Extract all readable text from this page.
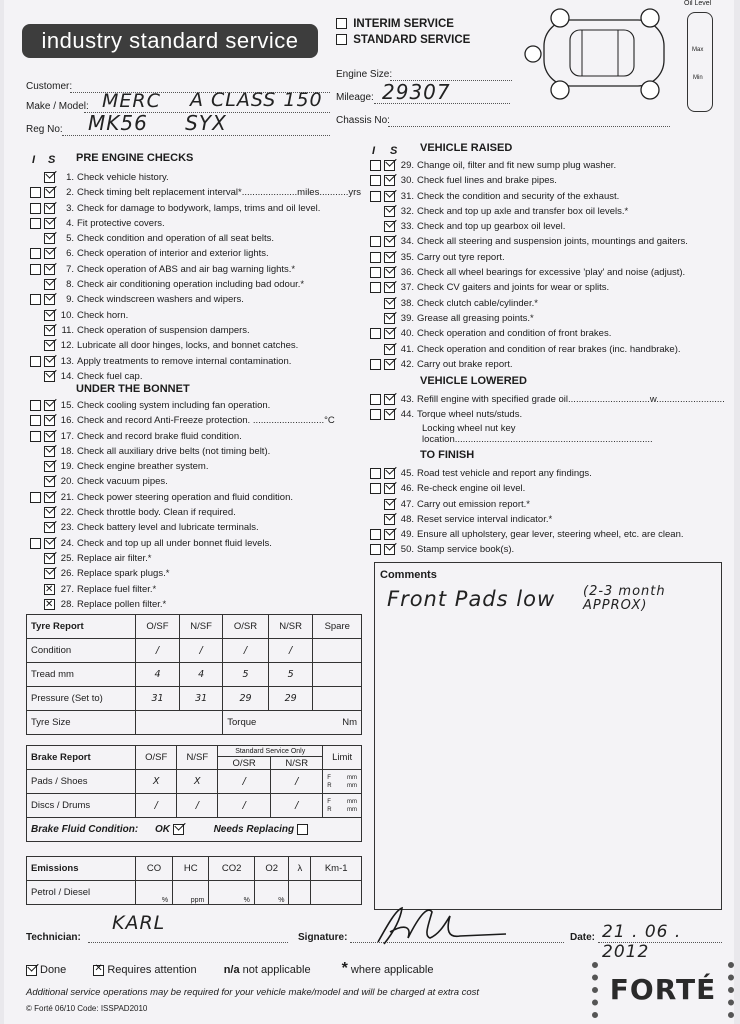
industry standard service
INTERIM SERVICE
STANDARD SERVICE
Oil Level
Max
Min
Customer:
Make / Model: MERC A CLASS 150
Reg No: MK56 SYX
Engine Size:
Mileage: 29307
Chassis No:
I S PRE ENGINE CHECKS
1. Check vehicle history.
2. Check timing belt replacement interval*.....................miles...........yrs
3. Check for damage to bodywork, lamps, trims and oil level.
4. Fit protective covers.
5. Check condition and operation of all seat belts.
6. Check operation of interior and exterior lights.
7. Check operation of ABS and air bag warning lights.*
8. Check air conditioning operation including bad odour.*
9. Check windscreen washers and wipers.
10. Check horn.
11. Check operation of suspension dampers.
12. Lubricate all door hinges, locks, and bonnet catches.
13. Apply treatments to remove internal contamination.
14. Check fuel cap.
UNDER THE BONNET
15. Check cooling system including fan operation.
16. Check and record Anti-Freeze protection. ...........................°C
17. Check and record brake fluid condition.
18. Check all auxiliary drive belts (not timing belt).
19. Check engine breather system.
20. Check vacuum pipes.
21. Check power steering operation and fluid condition.
22. Check throttle body. Clean if required.
23. Check battery level and lubricate terminals.
24. Check and top up all under bonnet fluid levels.
25. Replace air filter.*
26. Replace spark plugs.*
✕27. Replace fuel filter.*
✕28. Replace pollen filter.*
I S VEHICLE RAISED
29. Change oil, filter and fit new sump plug washer.
30. Check fuel lines and brake pipes.
31. Check the condition and security of the exhaust.
32. Check and top up axle and transfer box oil levels.*
33. Check and top up gearbox oil level.
34. Check all steering and suspension joints, mountings and gaiters.
35. Carry out tyre report.
36. Check all wheel bearings for excessive 'play' and noise (adjust).
37. Check CV gaiters and joints for wear or splits.
38. Check clutch cable/cylinder.*
39. Grease all greasing points.*
40. Check operation and condition of front brakes.
41. Check operation and condition of rear brakes (inc. handbrake).
42. Carry out brake report.
VEHICLE LOWERED
43. Refill engine with specified grade oil...............................w..........................
44. Torque wheel nuts/studs.
Locking wheel nut key location...........................................................................
TO FINISH
45. Road test vehicle and report any findings.
46. Re-check engine oil level.
47. Carry out emission report.*
48. Reset service interval indicator.*
49. Ensure all upholstery, gear lever, steering wheel, etc. are clean.
50. Stamp service book(s).
Tyre Report	O/SF	N/SF	O/SR	N/SR	Spare
Condition	/	/	/	/	
Tread mm	4	4	5	5	
Pressure (Set to)	31	31	29	29	
Tyre Size			Torque Nm		
Brake Report	O/SF	N/SF	Standard Service Only		Limit
			O/SR	N/SR	
Pads / Shoes	X	X	/	/	F mm

R mm

Discs / Drums	/	/	/	/	F mm

R mm

Brake Fluid Condition: OK Needs Replacing					
Emissions	CO	HC	CO2	O2	λ	Km-1
Petrol / Diesel	%	ppm	%	%		
Comments
Front Pads low (2-3 month APPROX)
Technician:
KARL
Signature:	Date: 21 . 06 . 2012
Done ✕	Requires attention n/a not applicable * where applicable
Additional service operations may be required for your vehicle make/model and will be charged at extra cost
© Forté 06/10 Code: ISSPAD2010
FORTÉ
